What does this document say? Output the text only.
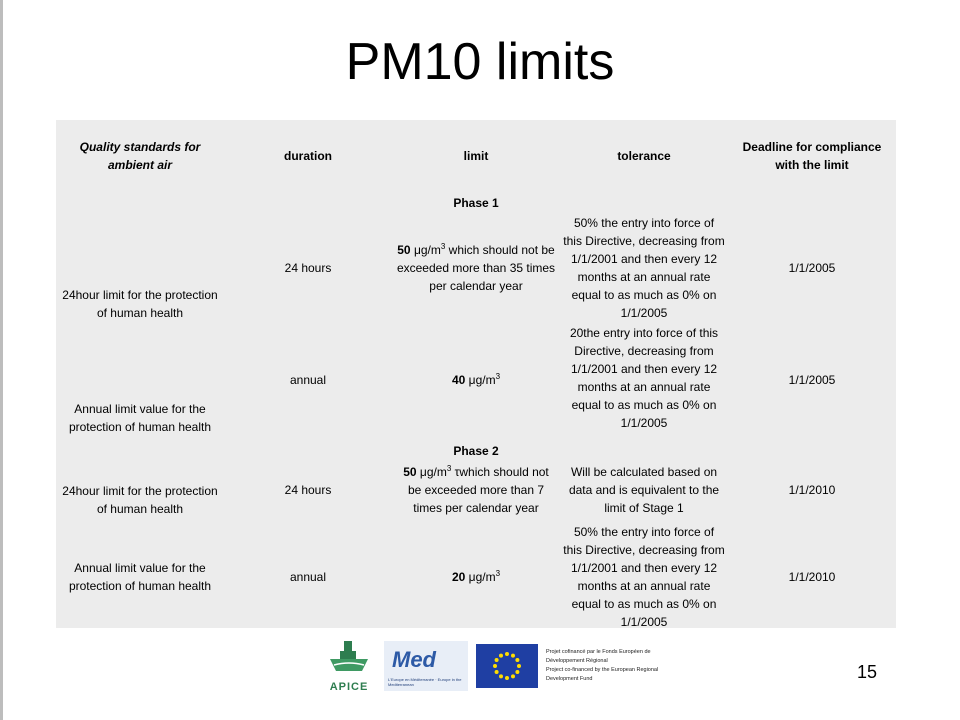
PM10 limits
Quality standards for ambient air	duration	limit	tolerance	Deadline for compliance with the limit
Phase 1				
24hour limit for the protection of human health	24 hours	50 $\mu g/m^3$ which should not be exceeded more than 35 times per calendar year	50% the entry into force of this Directive, decreasing from 1/1/2001 and then every 12 months at an annual rate equal to as much as 0% on 1/1/2005	1/1/2005
Annual limit value for the protection of human health	annual	40 $\mu g/m^3$	20the entry into force of this Directive, decreasing from 1/1/2001 and then every 12 months at an annual rate equal to as much as 0% on 1/1/2005	1/1/2005
Phase 2				
24hour limit for the protection of human health	24 hours	50 $\mu g/m^3$ τwhich should not be exceeded more than 7 times per calendar year	Will be calculated based on data and is equivalent to the limit of Stage 1	1/1/2010
Annual limit value for the protection of human health	annual	20 $\mu g/m^3$	50% the entry into force of this Directive, decreasing from 1/1/2001 and then every 12 months at an annual rate equal to as much as 0% on 1/1/2005	1/1/2010
APICE
Med
L'Europe en Méditerranée · Europe in the Mediterranean
Projet cofinancé par le Fonds Européen de Développement Régional
Project co-financed by the European Regional Development Fund	15
